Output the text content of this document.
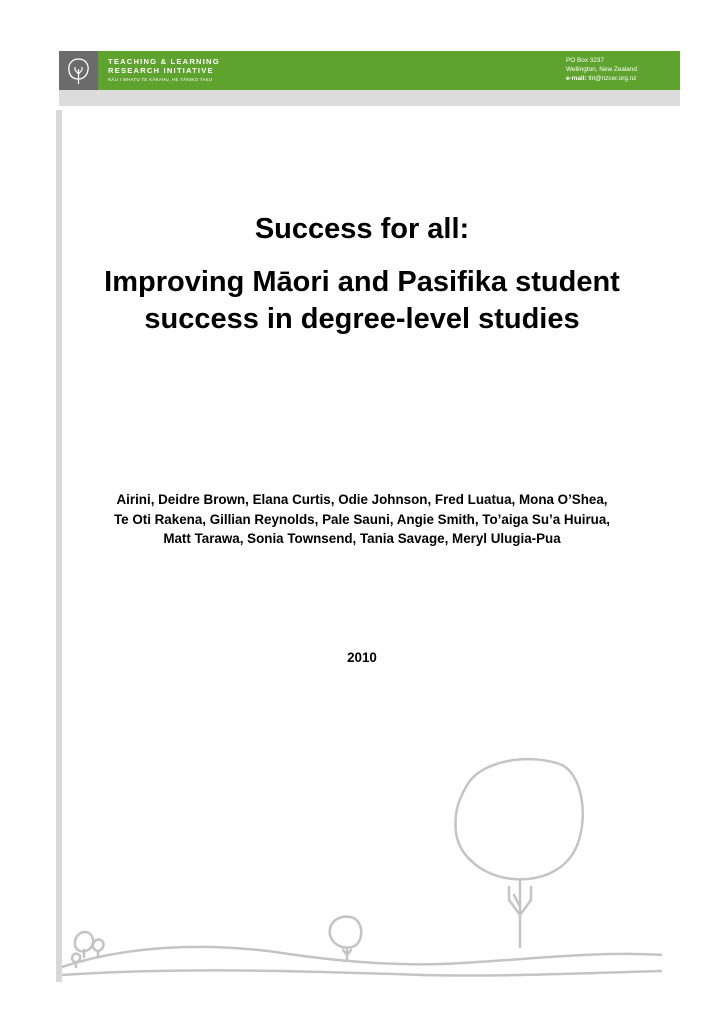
TEACHING & LEARNING
RESEARCH INITIATIVE
NĀU I WHATU TE KĀKAHU, HE TĀNIKO TAKU
PO Box 3237
Wellington, New Zealand
e-mail: tlri@nzcer.org.nz
Success for all:
Improving Māori and Pasifika student
success in degree-level studies

Airini, Deidre Brown, Elana Curtis, Odie Johnson, Fred Luatua, Mona O’Shea,
Te Oti Rakena, Gillian Reynolds, Pale Sauni, Angie Smith, To’aiga Su’a Huirua,
Matt Tarawa, Sonia Townsend, Tania Savage, Meryl Ulugia-Pua

2010
